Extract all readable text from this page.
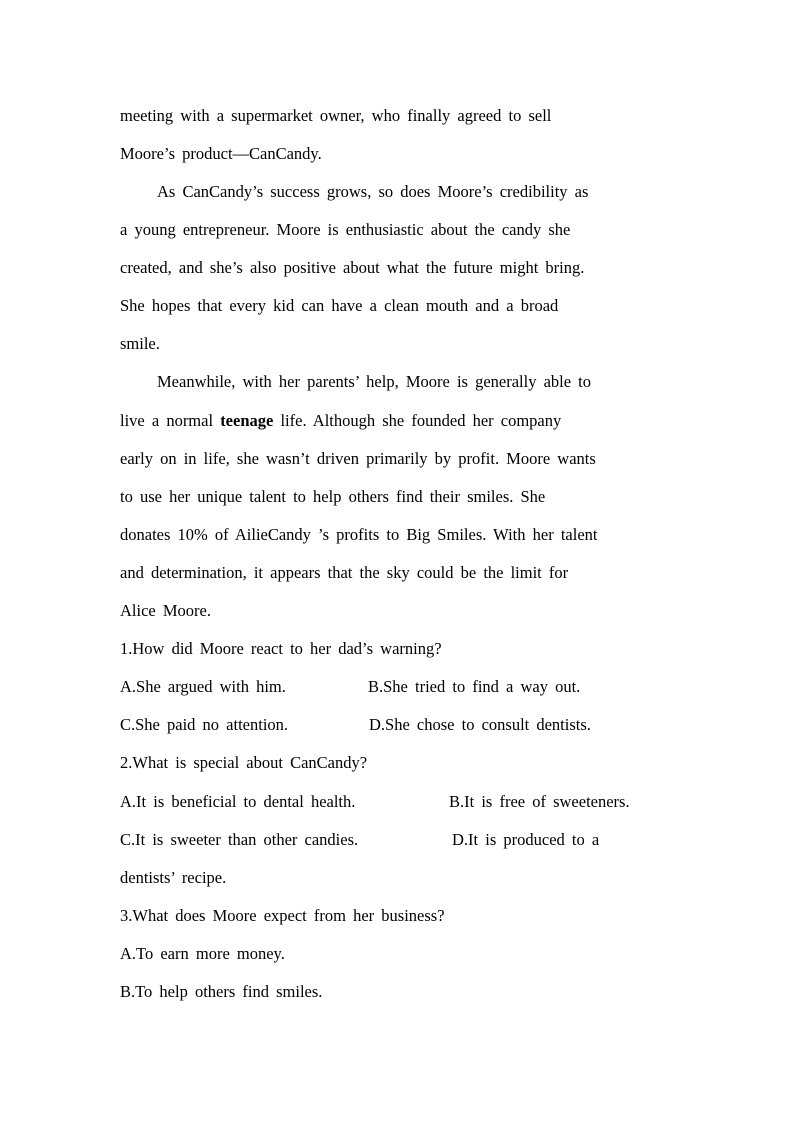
meeting with a supermarket owner, who finally agreed to sell
Moore’s product—CanCandy.
As CanCandy’s success grows, so does Moore’s credibility as
a young entrepreneur. Moore is enthusiastic about the candy she
created, and she’s also positive about what the future might bring.
She hopes that every kid can have a clean mouth and a broad
smile.
Meanwhile, with her parents’ help, Moore is generally able to
live a normal teenage life. Although she founded her company
early on in life, she wasn’t driven primarily by profit. Moore wants
to use her unique talent to help others find their smiles. She
donates 10% of AilieCandy ’s profits to Big Smiles. With her talent
and determination, it appears that the sky could be the limit for
Alice Moore.
1.How did Moore react to her dad’s warning?
A.She argued with him.	B.She tried to find a way out.
C.She paid no attention.	D.She chose to consult dentists.
2.What is special about CanCandy?
A.It is beneficial to dental health.	B.It is free of sweeteners.
C.It is sweeter than other candies.	D.It is produced to a
dentists’ recipe.
3.What does Moore expect from her business?
A.To earn more money.
B.To help others find smiles.
